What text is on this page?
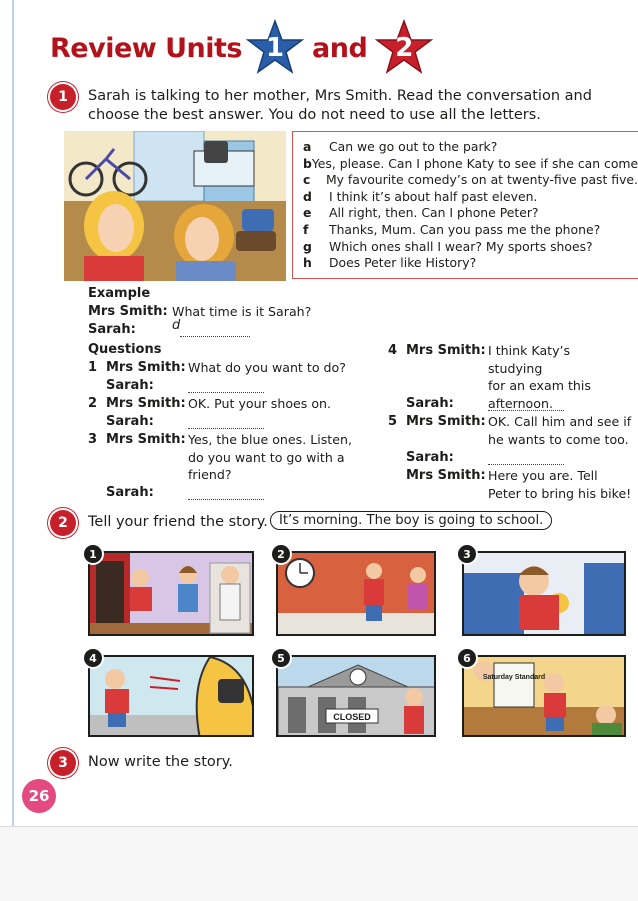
Review Units 1	and	2
1	Sarah is talking to her mother, Mrs Smith. Read the conversation and
choose the best answer. You do not need to use all the letters.
a	Can we go out to the park?
b Yes, please. Can I phone Katy to see if she can come
c	My favourite comedy’s on at twenty-five past five.
d	I think it’s about half past eleven.
e	All right, then. Can I phone Peter?
f	Thanks, Mum. Can you pass me the phone?
g	Which ones shall I wear? My sports shoes?
h	Does Peter like History?
Example
Mrs Smith: What time is it Sarah?
Sarah:	d
Questions
1 Mrs Smith: What do you want to do?
Sarah:
2 Mrs Smith: OK. Put your shoes on.
Sarah:
3 Mrs Smith: Yes, the blue ones. Listen,
do you want to go with a
friend?
Sarah:
4 Mrs Smith: I think Katy’s studying
for an exam this
afternoon.
Sarah:
5 Mrs Smith: OK. Call him and see if
he wants to come too.
Sarah:
Mrs Smith: Here you are. Tell
Peter to bring his bike!
2	Tell your friend the story. It’s morning. The boy is going to school.
1	2	3
4
CLOSED
5
Saturday Standard
6
3	Now write the story.
26
